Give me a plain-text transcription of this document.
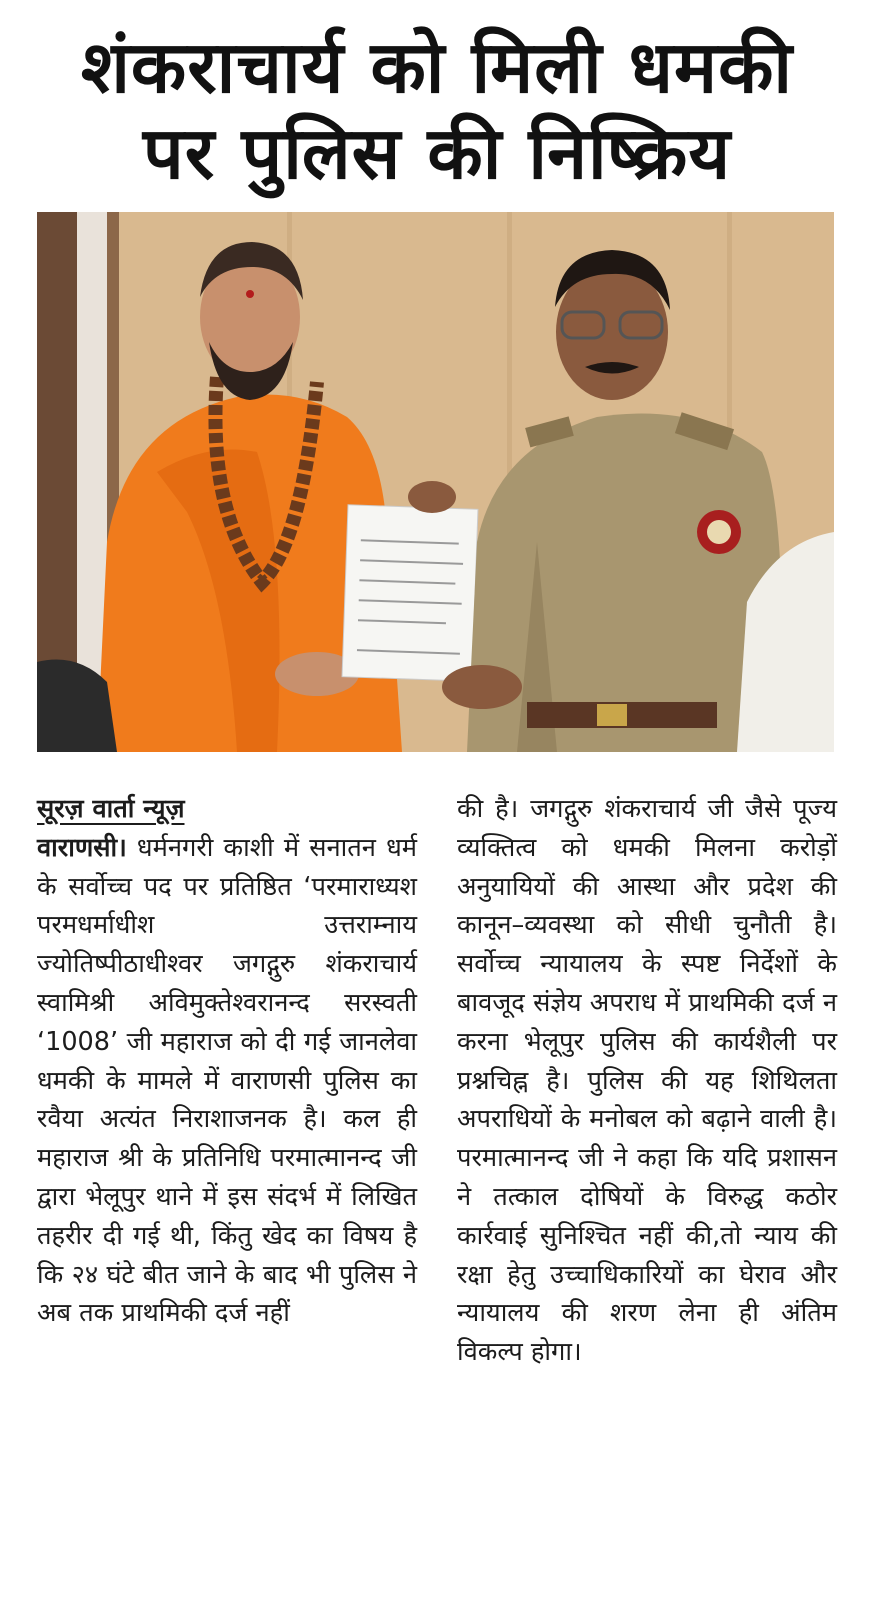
शंकराचार्य को मिली धमकी
पर पुलिस की निष्क्रिय
सूरज़ वार्ता न्यूज़
वाराणसी। धर्मनगरी काशी में सनातन धर्म के सर्वोच्च पद पर प्रतिष्ठित ‘परमाराध्यश परमधर्माधीश उत्तराम्नाय ज्योतिष्पीठाधीश्वर जगद्गुरु शंकराचार्य स्वामिश्री अविमुक्तेश्वरानन्द सरस्वती ‘1008’ जी महाराज को दी गई जानलेवा धमकी के मामले में वाराणसी पुलिस का रवैया अत्यंत निराशाजनक है। कल ही महाराज श्री के प्रतिनिधि परमात्मानन्द जी द्वारा भेलूपुर थाने में इस संदर्भ में लिखित तहरीर दी गई थी, किंतु खेद का विषय है कि २४ घंटे बीत जाने के बाद भी पुलिस ने अब तक प्राथमिकी दर्ज नहीं
की है। जगद्गुरु शंकराचार्य जी जैसे पूज्य व्यक्तित्व को धमकी मिलना करोड़ों अनुयायियों की आस्था और प्रदेश की कानून–व्यवस्था को सीधी चुनौती है। सर्वोच्च न्यायालय के स्पष्ट निर्देशों के बावजूद संज्ञेय अपराध में प्राथमिकी दर्ज न करना भेलूपुर पुलिस की कार्यशैली पर प्रश्नचिह्न है। पुलिस की यह शिथिलता अपराधियों के मनोबल को बढ़ाने वाली है। परमात्मानन्द जी ने कहा कि यदि प्रशासन ने तत्काल दोषियों के विरुद्ध कठोर कार्रवाई सुनिश्चित नहीं की,तो न्याय की रक्षा हेतु उच्चाधिकारियों का घेराव और न्यायालय की शरण लेना ही अंतिम विकल्प होगा।
